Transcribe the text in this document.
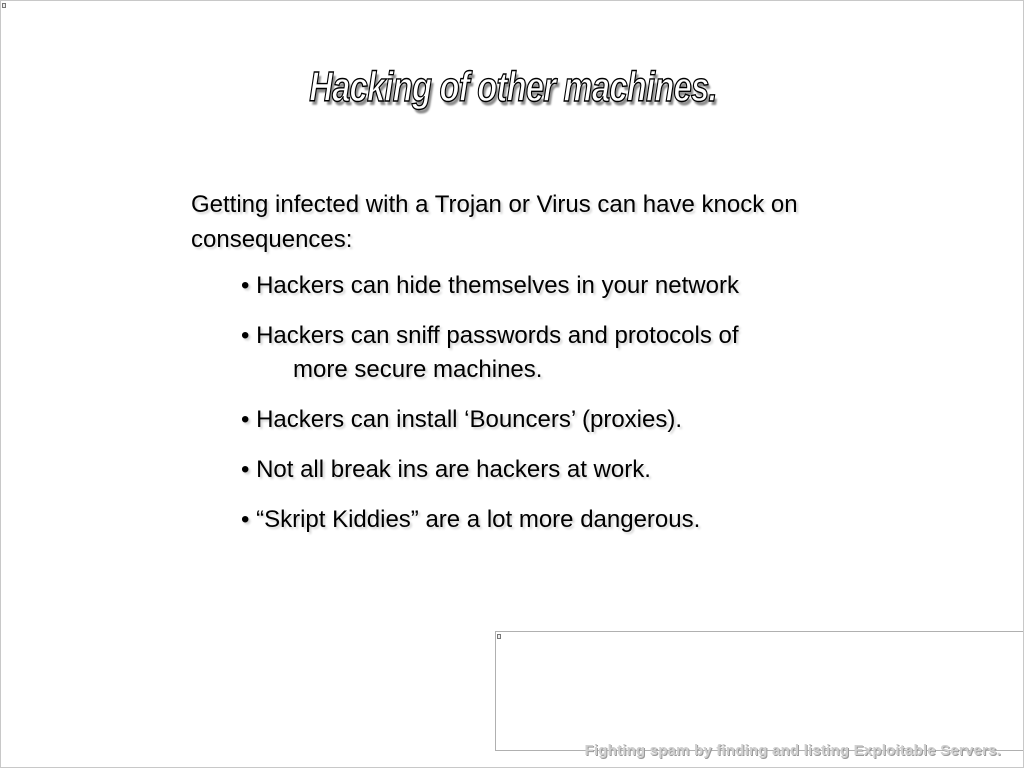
Hacking of other machines.

Getting infected with a Trojan or Virus can have knock on consequences:

• Hackers can hide themselves in your network
• Hackers can sniff passwords and protocols of
more secure machines.
• Hackers can install ‘Bouncers’ (proxies).
• Not all break ins are hackers at work.
• “Skript Kiddies” are a lot more dangerous.
Fighting spam by finding and listing Exploitable Servers.
